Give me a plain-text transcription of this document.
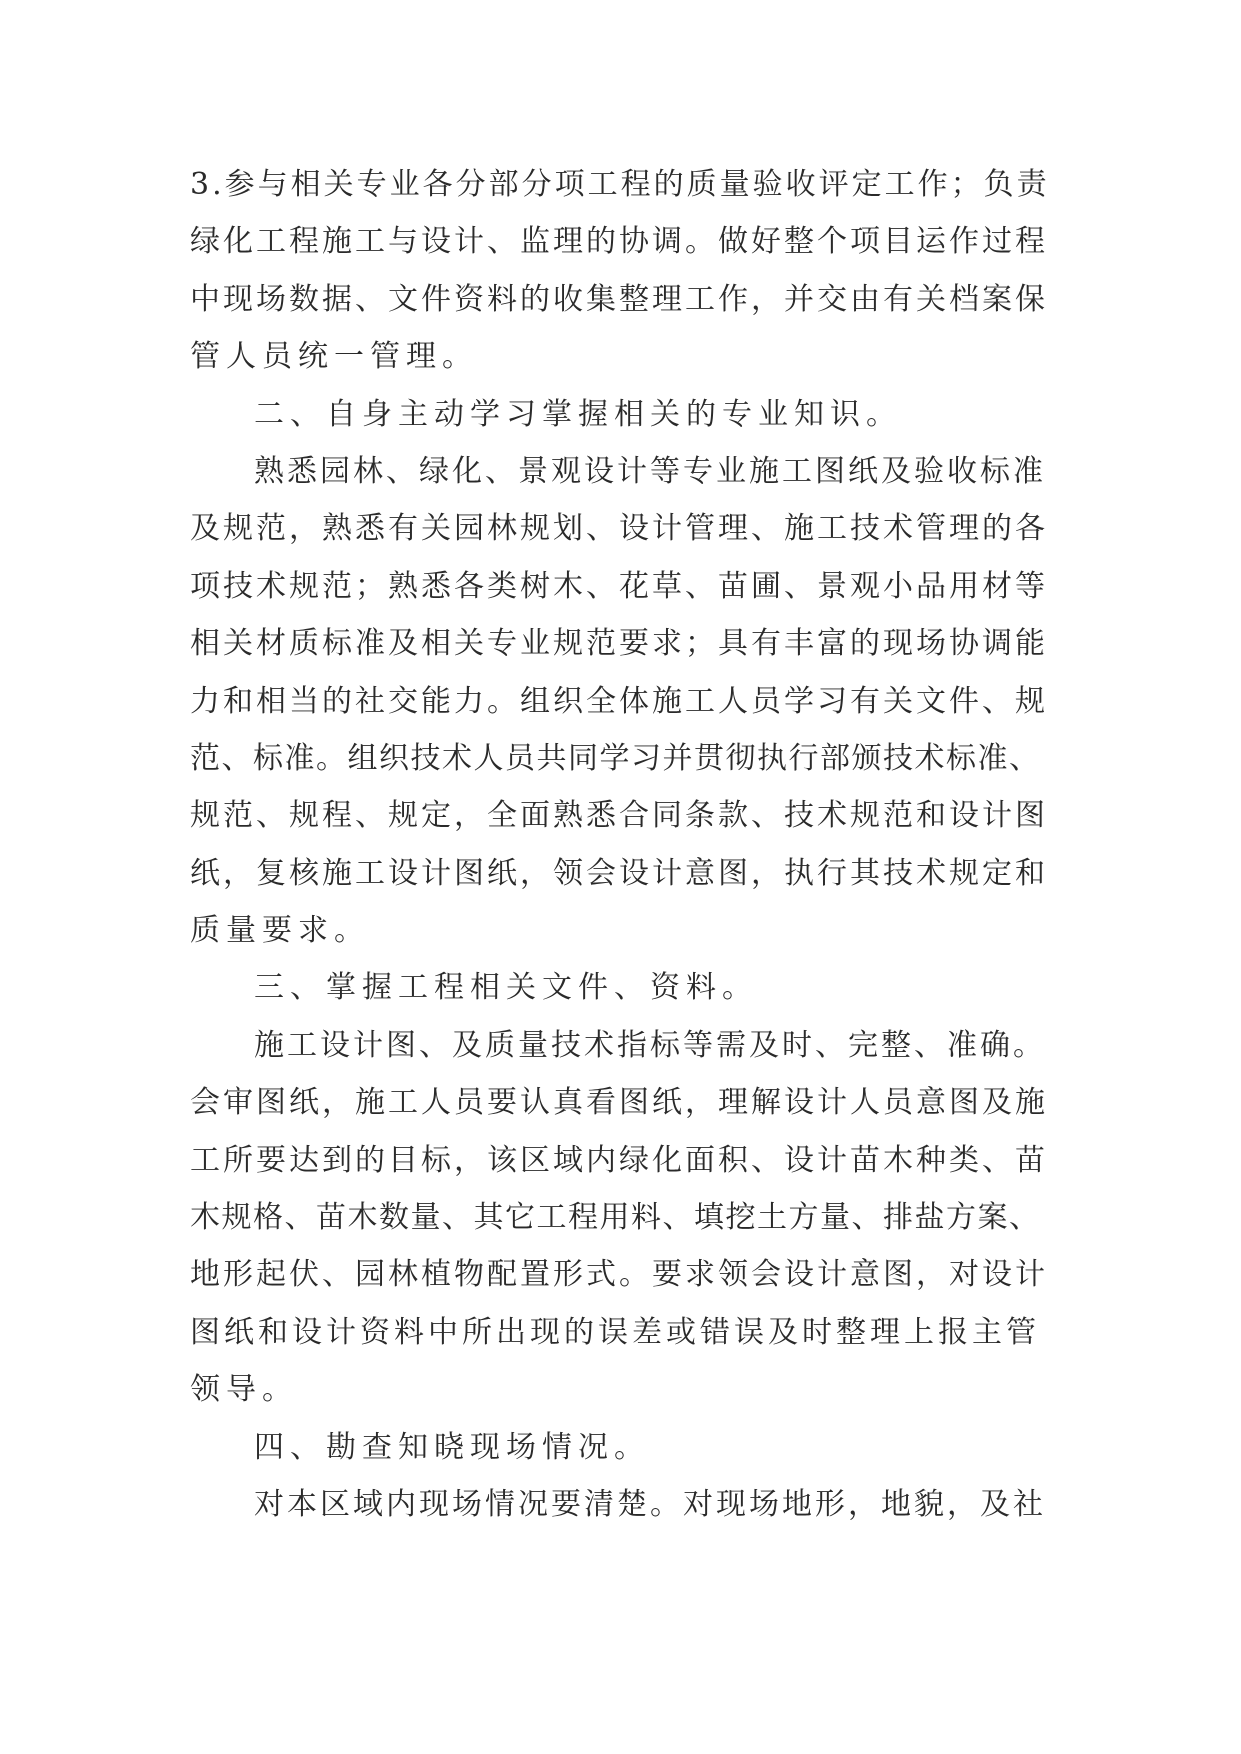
3.参与相关专业各分部分项工程的质量验收评定工作；负责
绿化工程施工与设计、监理的协调。做好整个项目运作过程
中现场数据、文件资料的收集整理工作，并交由有关档案保
管人员统一管理。
二、自身主动学习掌握相关的专业知识。
熟悉园林、绿化、景观设计等专业施工图纸及验收标准
及规范，熟悉有关园林规划、设计管理、施工技术管理的各
项技术规范；熟悉各类树木、花草、苗圃、景观小品用材等
相关材质标准及相关专业规范要求；具有丰富的现场协调能
力和相当的社交能力。组织全体施工人员学习有关文件、规
范、标准。组织技术人员共同学习并贯彻执行部颁技术标准、
规范、规程、规定，全面熟悉合同条款、技术规范和设计图
纸，复核施工设计图纸，领会设计意图，执行其技术规定和
质量要求。
三、掌握工程相关文件、资料。
施工设计图、及质量技术指标等需及时、完整、准确。
会审图纸，施工人员要认真看图纸，理解设计人员意图及施
工所要达到的目标，该区域内绿化面积、设计苗木种类、苗
木规格、苗木数量、其它工程用料、填挖土方量、排盐方案、
地形起伏、园林植物配置形式。要求领会设计意图，对设计
图纸和设计资料中所出现的误差或错误及时整理上报主管
领导。
四、勘查知晓现场情况。
对本区域内现场情况要清楚。对现场地形，地貌，及社
